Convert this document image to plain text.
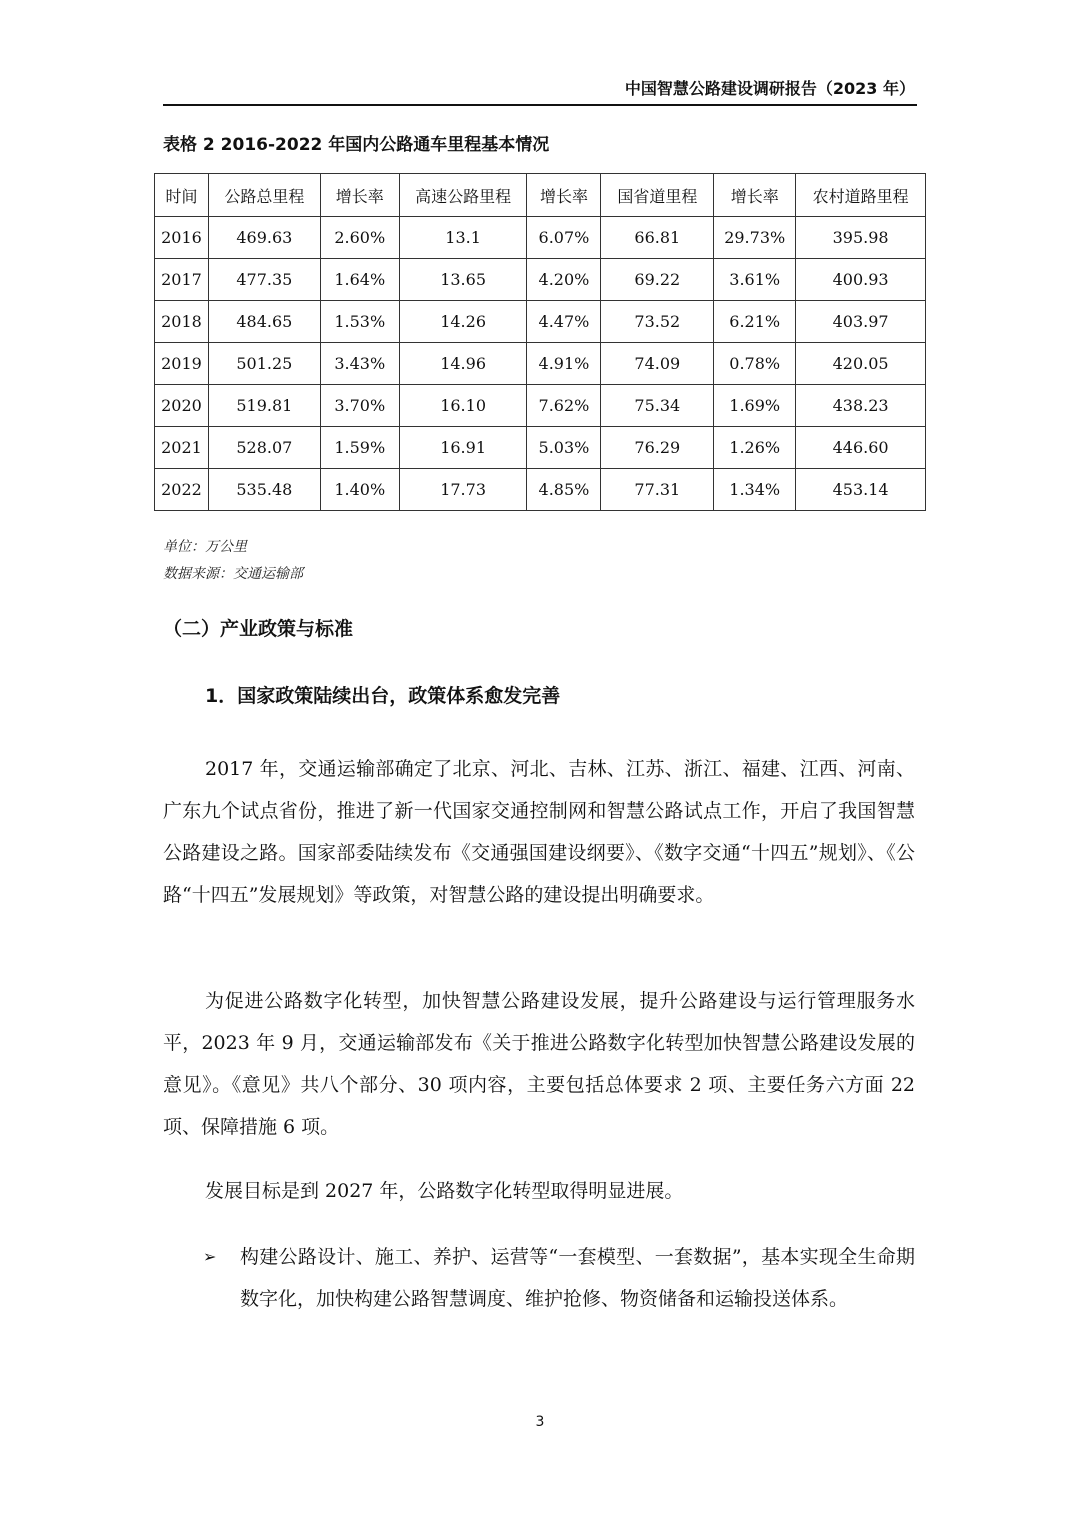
中国智慧公路建设调研报告（2023 年）
表格 2 2016-2022 年国内公路通车里程基本情况
时间	公路总里程	增长率	高速公路里程	增长率	国省道里程	增长率	农村道路里程
2016	469.63	2.60%	13.1	6.07%	66.81	29.73%	395.98
2017	477.35	1.64%	13.65	4.20%	69.22	3.61%	400.93
2018	484.65	1.53%	14.26	4.47%	73.52	6.21%	403.97
2019	501.25	3.43%	14.96	4.91%	74.09	0.78%	420.05
2020	519.81	3.70%	16.10	7.62%	75.34	1.69%	438.23
2021	528.07	1.59%	16.91	5.03%	76.29	1.26%	446.60
2022	535.48	1.40%	17.73	4.85%	77.31	1.34%	453.14
单位：万公里
数据来源：交通运输部
（二）产业政策与标准
1．国家政策陆续出台，政策体系愈发完善
2017 年，交通运输部确定了北京、河北、吉林、江苏、浙江、福建、江西、河南、广东九个试点省份，推进了新一代国家交通控制网和智慧公路试点工作，开启了我国智慧公路建设之路。国家部委陆续发布《交通强国建设纲要》、《数字交通“十四五”规划》、《公路“十四五”发展规划》等政策，对智慧公路的建设提出明确要求。
为促进公路数字化转型，加快智慧公路建设发展，提升公路建设与运行管理服务水平，2023 年 9 月，交通运输部发布《关于推进公路数字化转型加快智慧公路建设发展的意见》。《意见》共八个部分、30 项内容，主要包括总体要求 2 项、主要任务六方面 22 项、保障措施 6 项。
发展目标是到 2027 年，公路数字化转型取得明显进展。
➢ 构建公路设计、施工、养护、运营等“一套模型、一套数据”，基本实现全生命期数字化，加快构建公路智慧调度、维护抢修、物资储备和运输投送体系。
3
